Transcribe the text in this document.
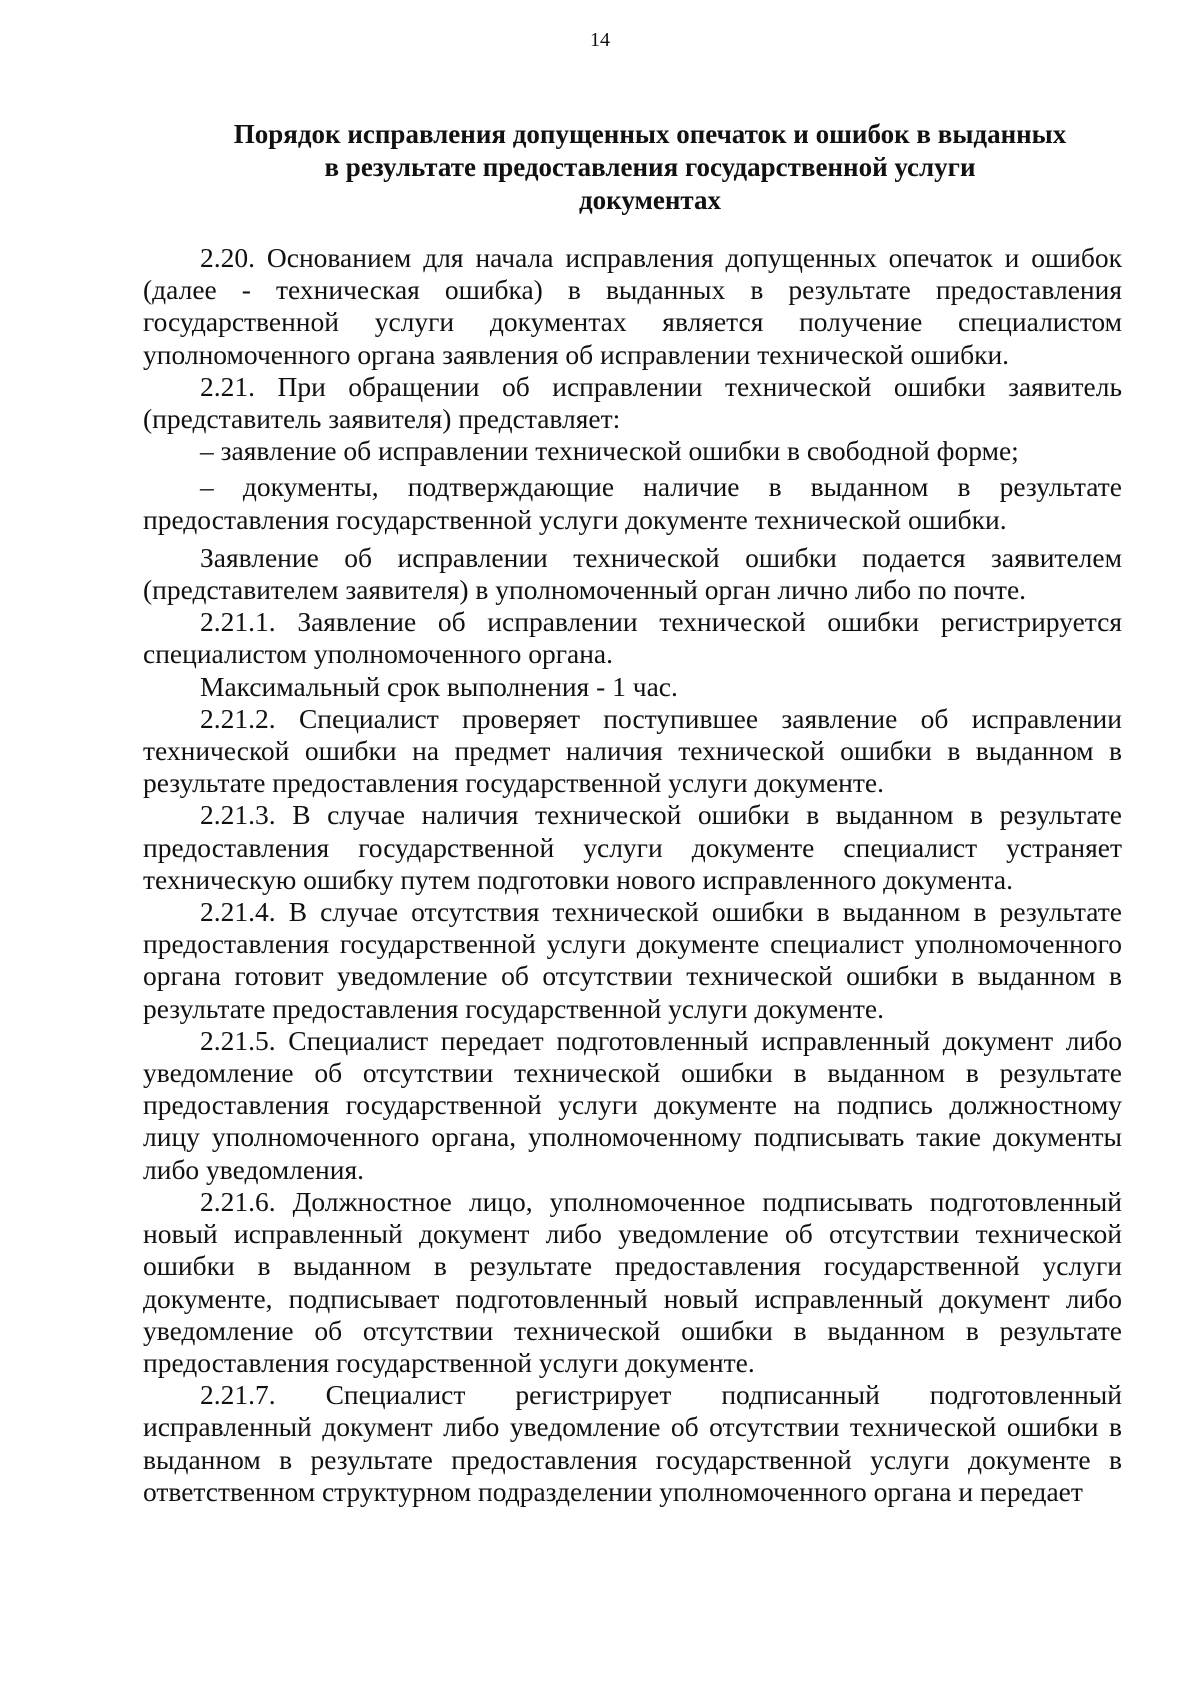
14
Порядок исправления допущенных опечаток и ошибок в выданных
в результате предоставления государственной услуги
документах

2.20. Основанием для начала исправления допущенных опечаток и ошибок (далее - техническая ошибка) в выданных в результате предоставления государственной услуги документах является получение специалистом уполномоченного органа заявления об исправлении технической ошибки.

2.21. При обращении об исправлении технической ошибки заявитель (представитель заявителя) представляет:

– заявление об исправлении технической ошибки в свободной форме;

– документы, подтверждающие наличие в выданном в результате предоставления государственной услуги документе технической ошибки.

Заявление об исправлении технической ошибки подается заявителем (представителем заявителя) в уполномоченный орган лично либо по почте.

2.21.1. Заявление об исправлении технической ошибки регистрируется специалистом уполномоченного органа.

Максимальный срок выполнения - 1 час.

2.21.2. Специалист проверяет поступившее заявление об исправлении технической ошибки на предмет наличия технической ошибки в выданном в результате предоставления государственной услуги документе.

2.21.3. В случае наличия технической ошибки в выданном в результате предоставления государственной услуги документе специалист устраняет техническую ошибку путем подготовки нового исправленного документа.

2.21.4. В случае отсутствия технической ошибки в выданном в результате предоставления государственной услуги документе специалист уполномоченного органа готовит уведомление об отсутствии технической ошибки в выданном в результате предоставления государственной услуги документе.

2.21.5. Специалист передает подготовленный исправленный документ либо уведомление об отсутствии технической ошибки в выданном в результате предоставления государственной услуги документе на подпись должностному лицу уполномоченного органа, уполномоченному подписывать такие документы либо уведомления.

2.21.6. Должностное лицо, уполномоченное подписывать подготовленный новый исправленный документ либо уведомление об отсутствии технической ошибки в выданном в результате предоставления государственной услуги документе, подписывает подготовленный новый исправленный документ либо уведомление об отсутствии технической ошибки в выданном в результате предоставления государственной услуги документе.

2.21.7. Специалист регистрирует подписанный подготовленный исправленный документ либо уведомление об отсутствии технической ошибки в выданном в результате предоставления государственной услуги документе в ответственном структурном подразделении уполномоченного органа и передает
